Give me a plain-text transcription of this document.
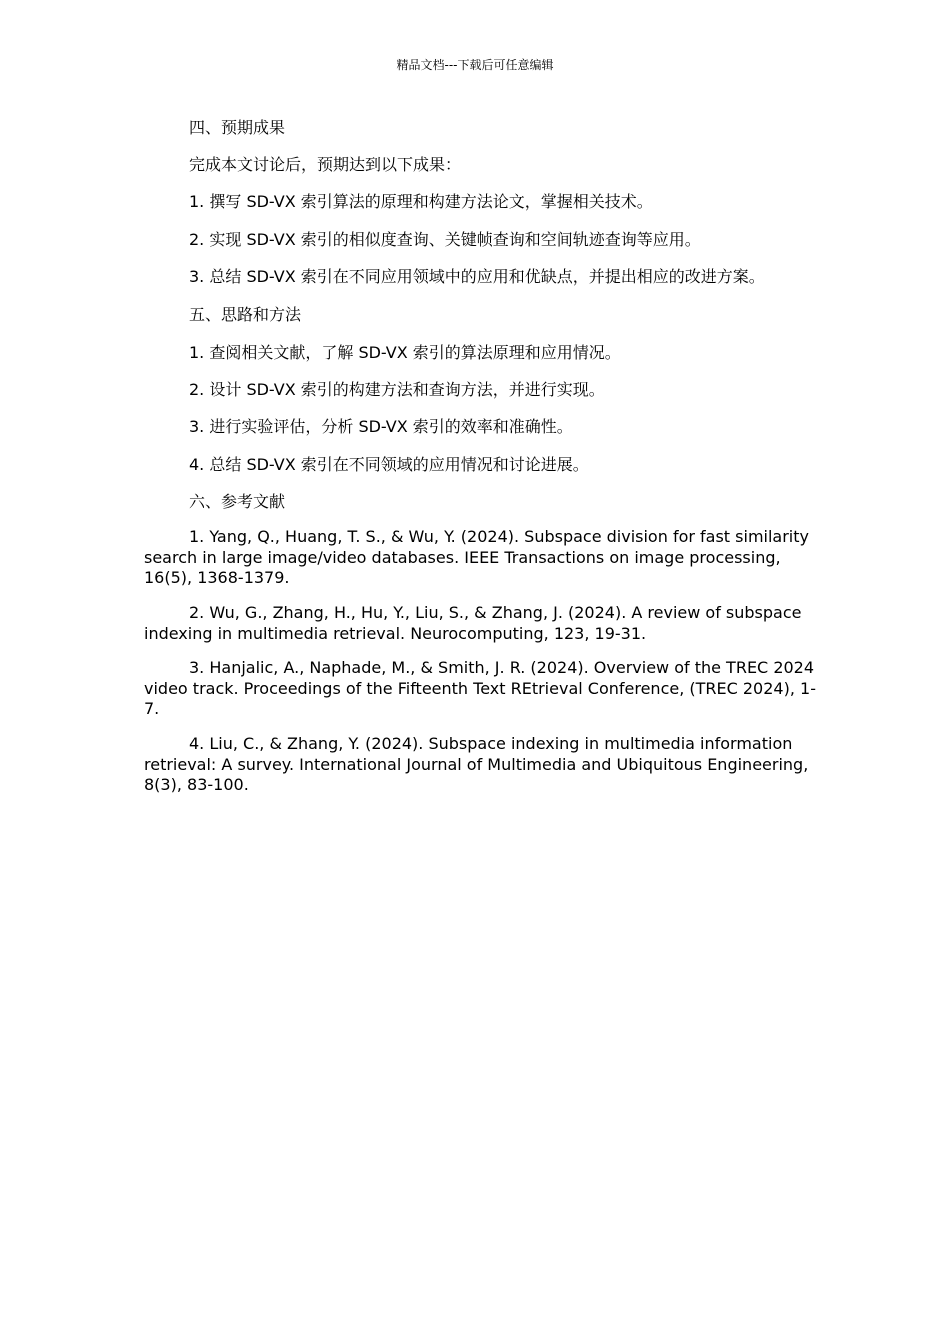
精品文档---下载后可任意编辑
四、预期成果
完成本文讨论后，预期达到以下成果：
1. 撰写 SD-VX 索引算法的原理和构建方法论文，掌握相关技术。
2. 实现 SD-VX 索引的相似度查询、关键帧查询和空间轨迹查询等应用。
3. 总结 SD-VX 索引在不同应用领域中的应用和优缺点，并提出相应的改进方案。
五、思路和方法
1. 查阅相关文献，了解 SD-VX 索引的算法原理和应用情况。
2. 设计 SD-VX 索引的构建方法和查询方法，并进行实现。
3. 进行实验评估，分析 SD-VX 索引的效率和准确性。
4. 总结 SD-VX 索引在不同领域的应用情况和讨论进展。
六、参考文献

1. Yang, Q., Huang, T. S., & Wu, Y. (2024). Subspace division for fast similarity search in large image/video databases. IEEE Transactions on image processing, 16(5), 1368-1379.

2. Wu, G., Zhang, H., Hu, Y., Liu, S., & Zhang, J. (2024). A review of subspace indexing in multimedia retrieval. Neurocomputing, 123, 19-31.

3. Hanjalic, A., Naphade, M., & Smith, J. R. (2024). Overview of the TREC 2024 video track. Proceedings of the Fifteenth Text REtrieval Conference, (TREC 2024), 1-7.

4. Liu, C., & Zhang, Y. (2024). Subspace indexing in multimedia information retrieval: A survey. International Journal of Multimedia and Ubiquitous Engineering, 8(3), 83-100.
